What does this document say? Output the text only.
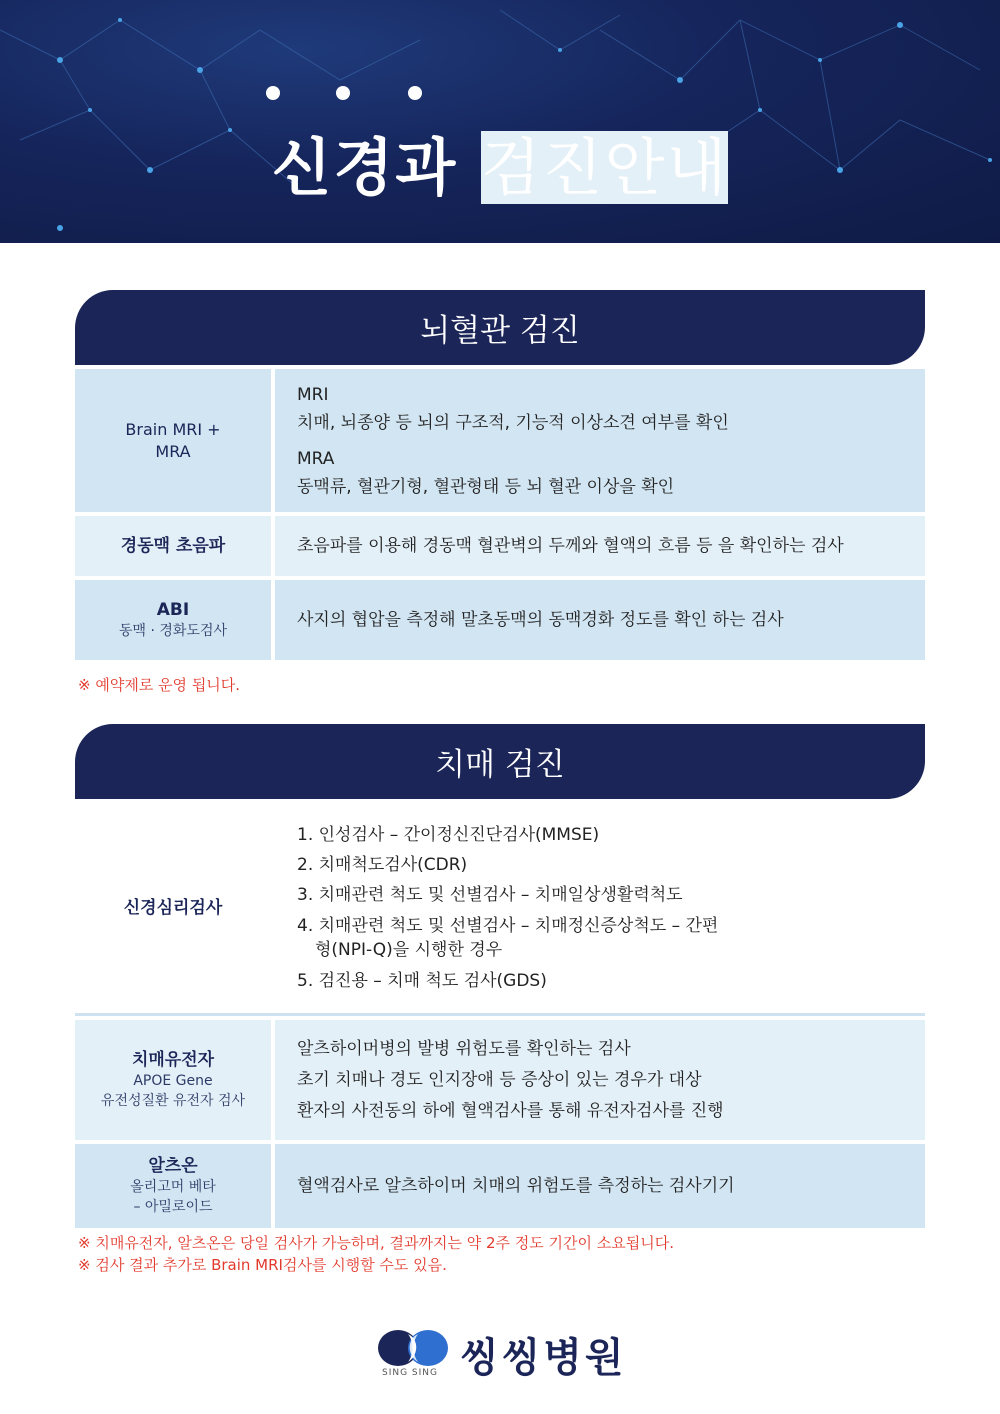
신경과 검진안내
뇌혈관 검진
Brain MRI +
MRA
MRI
치매, 뇌종양 등 뇌의 구조적, 기능적 이상소견 여부를 확인
MRA
동맥류, 혈관기형, 혈관형태 등 뇌 혈관 이상을 확인
경동맥 초음파	초음파를 이용해 경동맥 혈관벽의 두께와 혈액의 흐름 등 을 확인하는 검사
ABI
동맥 · 경화도검사
사지의 협압을 측정해 말초동맥의 동맥경화 정도를 확인 하는 검사
※ 예약제로 운영 됩니다.
치매 검진
신경심리검사
1. 인성검사 – 간이정신진단검사(MMSE)
2. 치매척도검사(CDR)
3. 치매관련 척도 및 선별검사 – 치매일상생활력척도
4. 치매관련 척도 및 선별검사 – 치매정신증상척도 – 간편
형(NPI-Q)을 시행한 경우
5. 검진용 – 치매 척도 검사(GDS)
치매유전자
APOE Gene
유전성질환 유전자 검사
알츠하이머병의 발병 위험도를 확인하는 검사
초기 치매나 경도 인지장애 등 증상이 있는 경우가 대상
환자의 사전동의 하에 혈액검사를 통해 유전자검사를 진행
알츠온
올리고머 베타
– 아밀로이드
혈액검사로 알츠하이머 치매의 위험도를 측정하는 검사기기
※ 치매유전자, 알츠온은 당일 검사가 가능하며, 결과까지는 약 2주 정도 기간이 소요됩니다.
※ 검사 결과 추가로 Brain MRI검사를 시행할 수도 있음.
씽씽병원
SING SING
